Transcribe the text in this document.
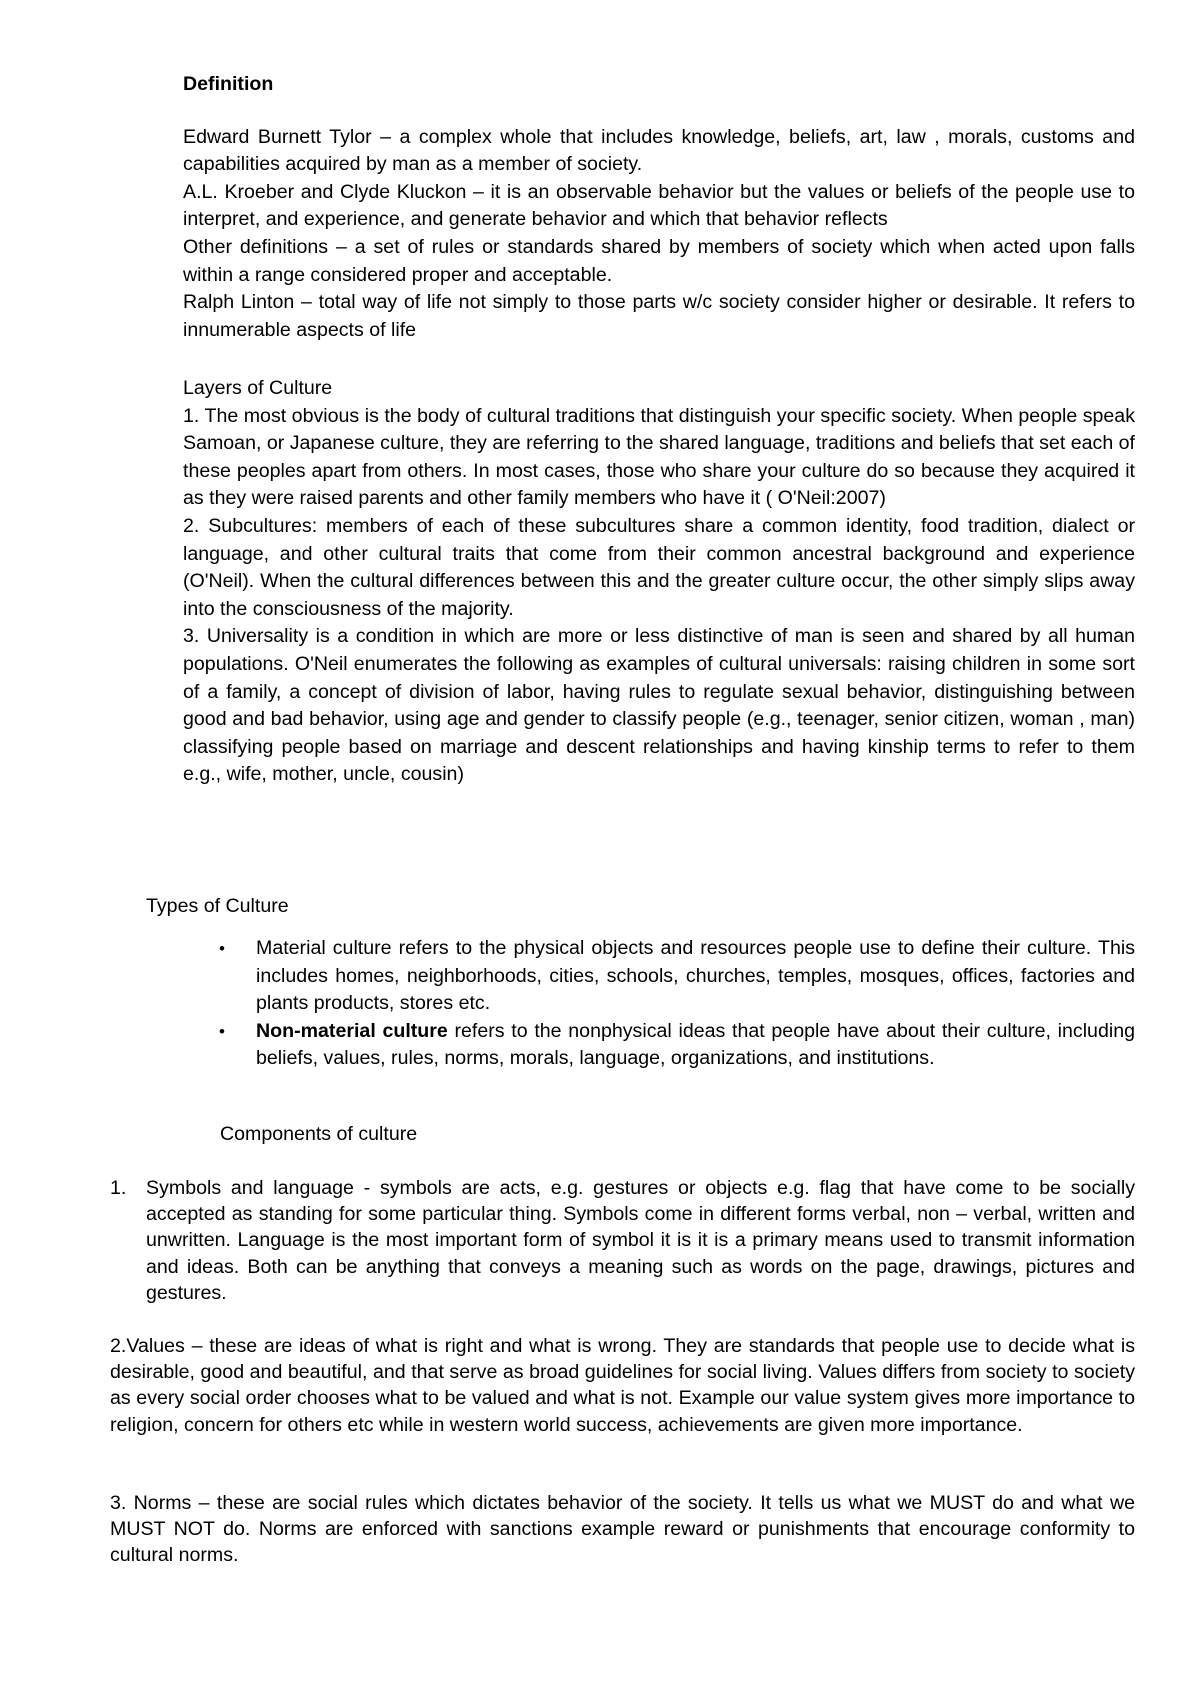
Definition

Edward Burnett Tylor – a complex whole that includes knowledge, beliefs, art, law , morals, customs and capabilities acquired by man as a member of society.

A.L. Kroeber and Clyde Kluckon – it is an observable behavior but the values or beliefs of the people use to interpret, and experience, and generate behavior and which that behavior reflects

Other definitions – a set of rules or standards shared by members of society which when acted upon falls within a range considered proper and acceptable.

Ralph Linton – total way of life not simply to those parts w/c society consider higher or desirable. It refers to innumerable aspects of life

Layers of Culture

1. The most obvious is the body of cultural traditions that distinguish your specific society. When people speak Samoan, or Japanese culture, they are referring to the shared language, traditions and beliefs that set each of these peoples apart from others. In most cases, those who share your culture do so because they acquired it as they were raised parents and other family members who have it ( O'Neil:2007)

2. Subcultures: members of each of these subcultures share a common identity, food tradition, dialect or language, and other cultural traits that come from their common ancestral background and experience (O'Neil). When the cultural differences between this and the greater culture occur, the other simply slips away into the consciousness of the majority.

3. Universality is a condition in which are more or less distinctive of man is seen and shared by all human populations. O'Neil enumerates the following as examples of cultural universals: raising children in some sort of a family, a concept of division of labor, having rules to regulate sexual behavior, distinguishing between good and bad behavior, using age and gender to classify people (e.g., teenager, senior citizen, woman , man) classifying people based on marriage and descent relationships and having kinship terms to refer to them e.g., wife, mother, uncle, cousin)

Types of Culture
• Material culture refers to the physical objects and resources people use to define their culture. This includes homes, neighborhoods, cities, schools, churches, temples, mosques, offices, factories and plants products, stores etc.
• Non-material culture refers to the nonphysical ideas that people have about their culture, including beliefs, values, rules, norms, morals, language, organizations, and institutions.
Components of culture
1. Symbols and language - symbols are acts, e.g. gestures or objects e.g. flag that have come to be socially accepted as standing for some particular thing. Symbols come in different forms verbal, non – verbal, written and unwritten. Language is the most important form of symbol it is it is a primary means used to transmit information and ideas. Both can be anything that conveys a meaning such as words on the page, drawings, pictures and gestures.
2.Values – these are ideas of what is right and what is wrong. They are standards that people use to decide what is desirable, good and beautiful, and that serve as broad guidelines for social living. Values differs from society to society as every social order chooses what to be valued and what is not. Example our value system gives more importance to religion, concern for others etc while in western world success, achievements are given more importance.
3. Norms – these are social rules which dictates behavior of the society. It tells us what we MUST do and what we MUST NOT do. Norms are enforced with sanctions example reward or punishments that encourage conformity to cultural norms.
